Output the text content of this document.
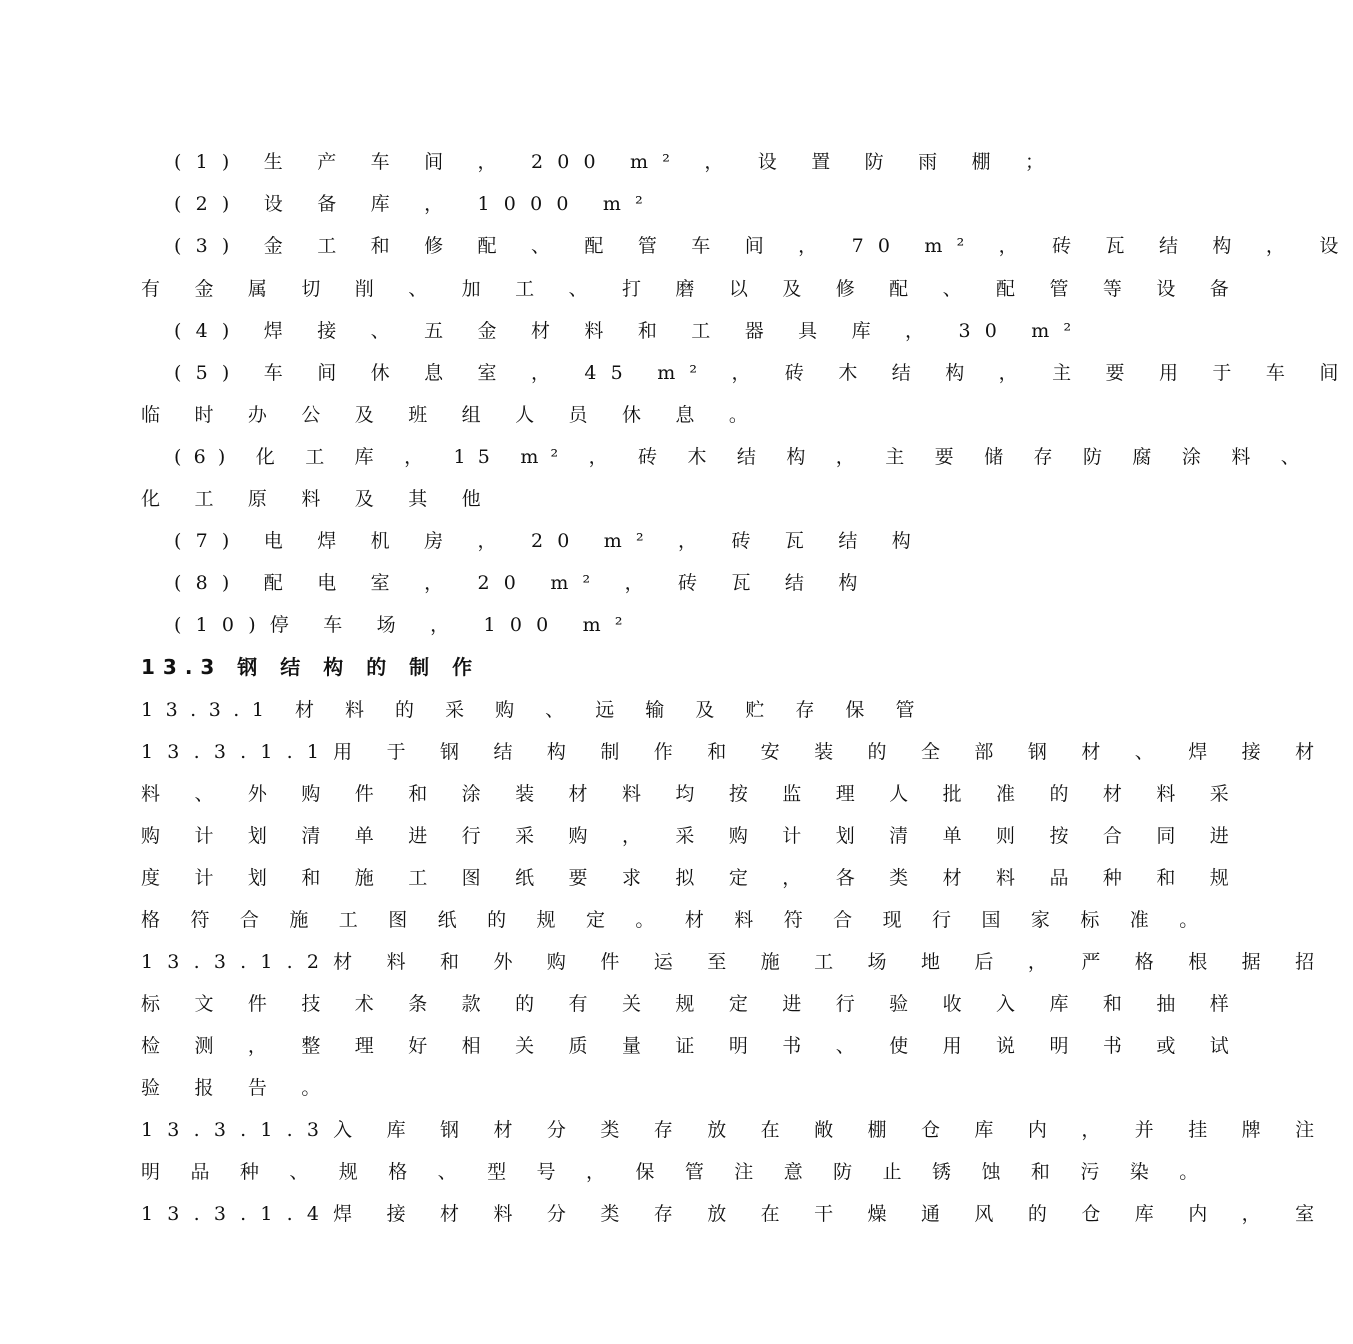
(1) 生 产 车 间 ， 200 m² ， 设 置 防 雨 棚 ；

(2) 设 备 库 ， 1000 m²

(3) 金 工 和 修 配 、 配 管 车 间 ， 70 m² ， 砖 瓦 结 构 ， 设

有 金 属 切 削 、 加 工 、 打 磨 以 及 修 配 、 配 管 等 设 备

(4) 焊 接 、 五 金 材 料 和 工 器 具 库 ， 30 m²

(5) 车 间 休 息 室 ， 45 m² ， 砖 木 结 构 ， 主 要 用 于 车 间

临 时 办 公 及 班 组 人 员 休 息 。

(6) 化 工 库 ， 15 m² ， 砖 木 结 构 ， 主 要 储 存 防 腐 涂 料 、

化 工 原 料 及 其 他

(7) 电 焊 机 房 ， 20 m² ， 砖 瓦 结 构

(8) 配 电 室 ， 20 m² ， 砖 瓦 结 构

(10)停 车 场 ， 100 m²

13.3 钢 结 构 的 制 作
13.3.1 材 料 的 采 购 、 远 输 及 贮 存 保 管

13.3.1.1用 于 钢 结 构 制 作 和 安 装 的 全 部 钢 材 、 焊 接 材

料 、 外 购 件 和 涂 装 材 料 均 按 监 理 人 批 准 的 材 料 采

购 计 划 清 单 进 行 采 购 ， 采 购 计 划 清 单 则 按 合 同 进

度 计 划 和 施 工 图 纸 要 求 拟 定 ， 各 类 材 料 品 种 和 规

格 符 合 施 工 图 纸 的 规 定 。 材 料 符 合 现 行 国 家 标 准 。

13.3.1.2材 料 和 外 购 件 运 至 施 工 场 地 后 ， 严 格 根 据 招

标 文 件 技 术 条 款 的 有 关 规 定 进 行 验 收 入 库 和 抽 样

检 测 ， 整 理 好 相 关 质 量 证 明 书 、 使 用 说 明 书 或 试

验 报 告 。

13.3.1.3入 库 钢 材 分 类 存 放 在 敞 棚 仓 库 内 ， 并 挂 牌 注

明 品 种 、 规 格 、 型 号 ， 保 管 注 意 防 止 锈 蚀 和 污 染 。

13.3.1.4焊 接 材 料 分 类 存 放 在 干 燥 通 风 的 仓 库 内 ， 室
